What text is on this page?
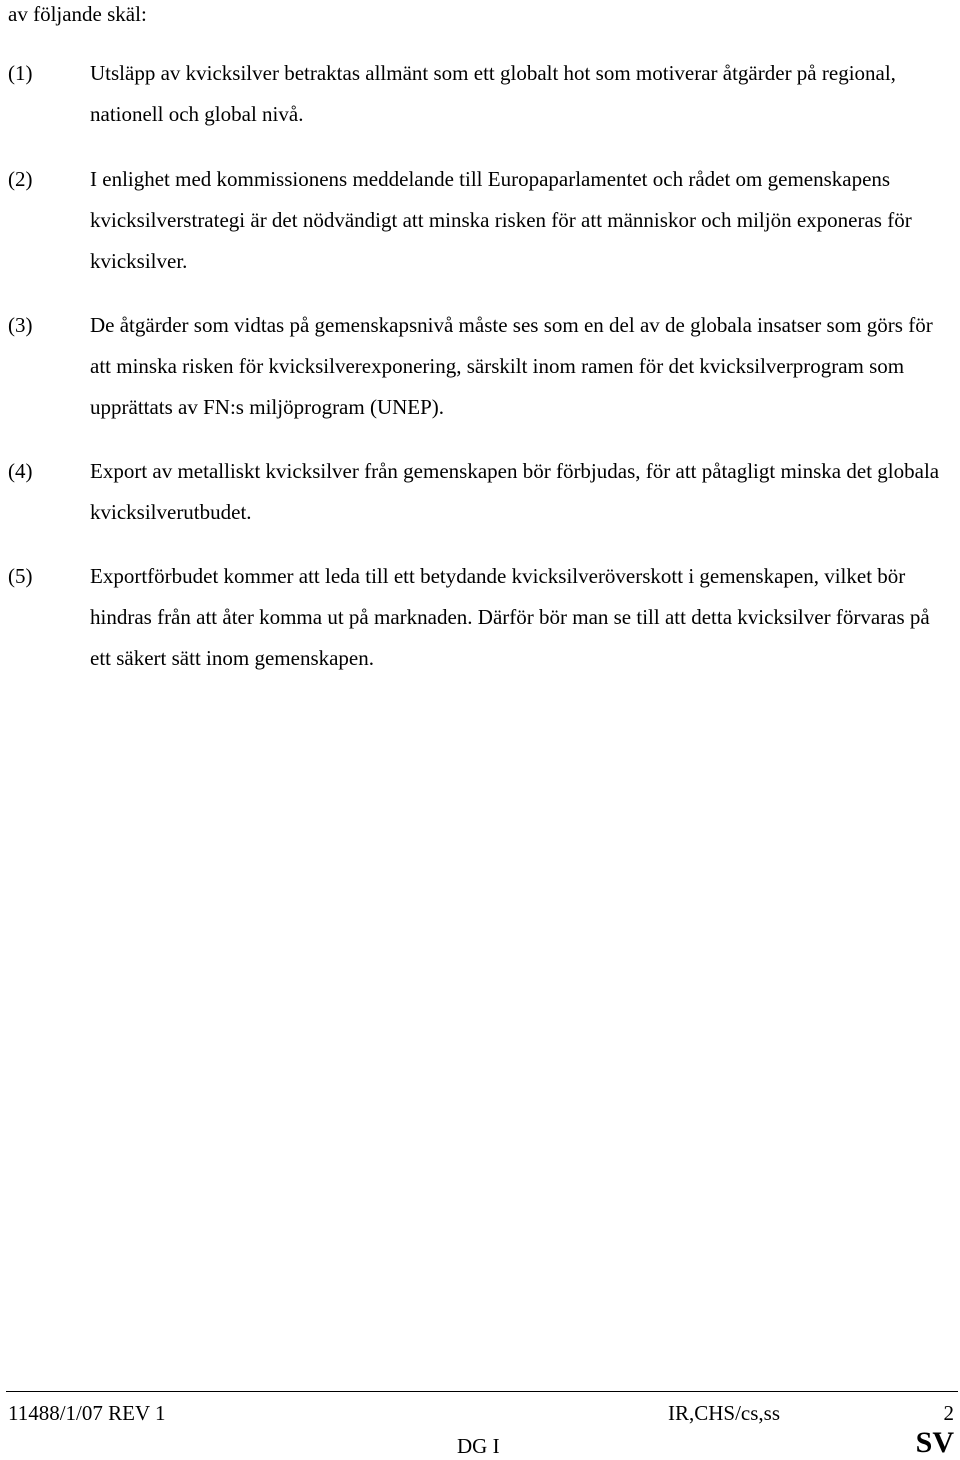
av följande skäl:

(1)	Utsläpp av kvicksilver betraktas allmänt som ett globalt hot som motiverar åtgärder på regional, nationell och global nivå.
(2)	I enlighet med kommissionens meddelande till Europaparlamentet och rådet om gemenskapens kvicksilverstrategi är det nödvändigt att minska risken för att människor och miljön exponeras för kvicksilver.
(3)	De åtgärder som vidtas på gemenskapsnivå måste ses som en del av de globala insatser som görs för att minska risken för kvicksilverexponering, särskilt inom ramen för det kvicksilverprogram som upprättats av FN:s miljöprogram (UNEP).
(4)	Export av metalliskt kvicksilver från gemenskapen bör förbjudas, för att påtagligt minska det globala kvicksilverutbudet.
(5)	Exportförbudet kommer att leda till ett betydande kvicksilveröverskott i gemenskapen, vilket bör hindras från att åter komma ut på marknaden. Därför bör man se till att detta kvicksilver förvaras på ett säkert sätt inom gemenskapen.
11488/1/07 REV 1	IR,CHS/cs,ss	2
DG I	SV
